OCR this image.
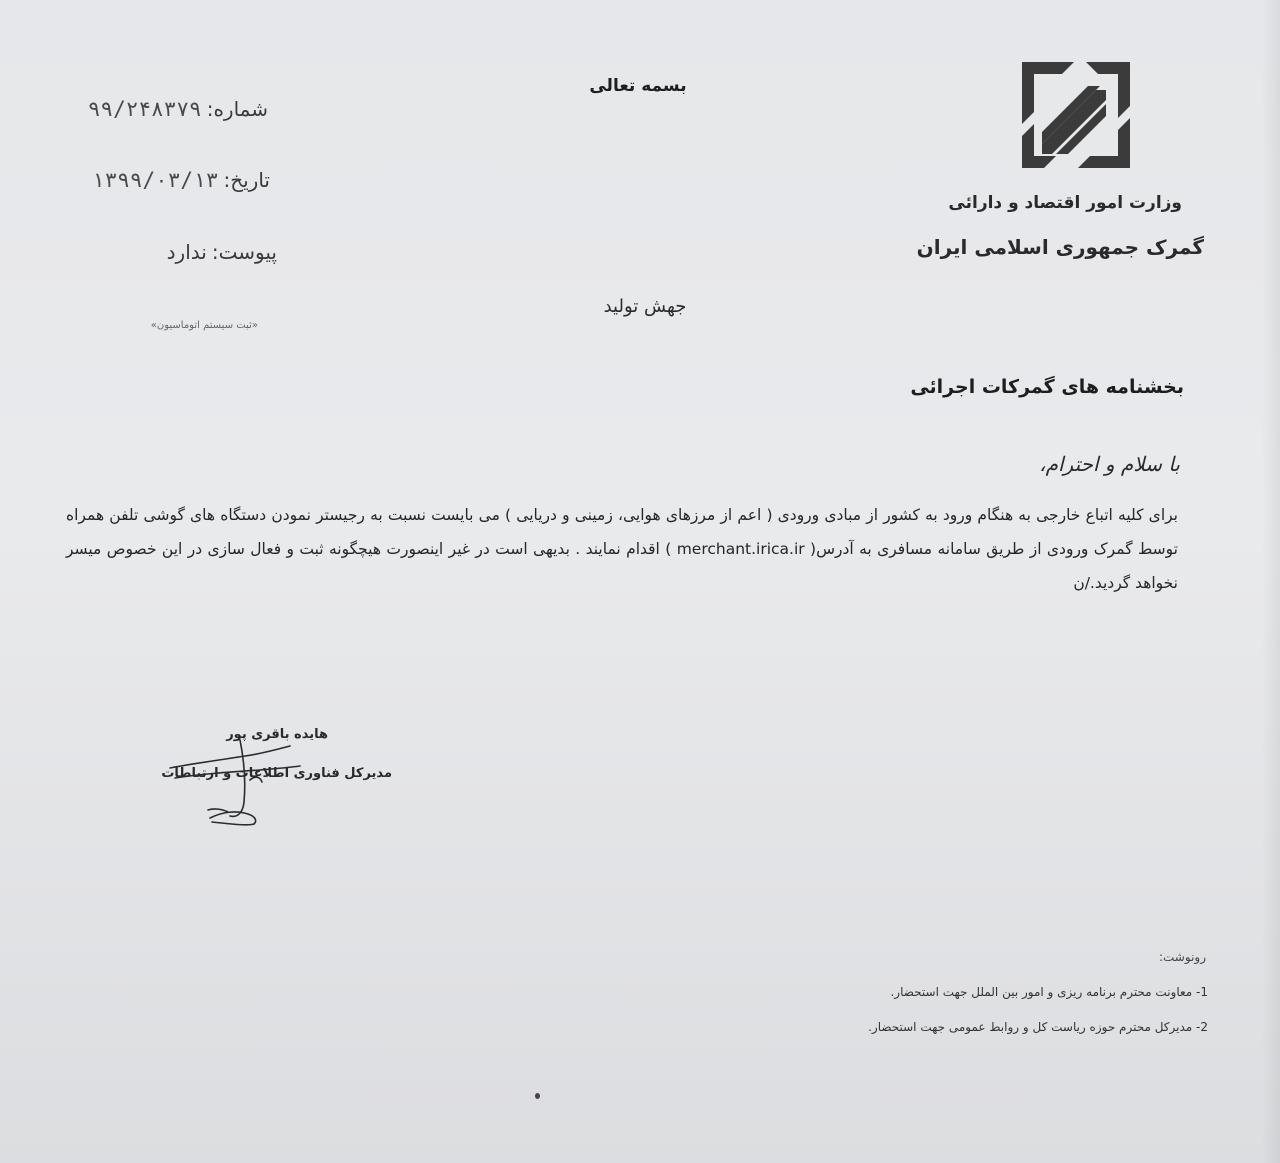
وزارت امور اقتصاد و دارائی
گمرک جمهوری اسلامی ایران
بسمه تعالی
شماره: ۹۹/۲۴۸۳۷۹
تاریخ: ۱۳۹۹/۰۳/۱۳
پیوست: ندارد
«ثبت سیستم اتوماسیون»
جهش تولید
بخشنامه های گمرکات اجرائی
با سلام و احترام،
برای کلیه اتباع خارجی به هنگام ورود به کشور از مبادی ورودی ( اعم از مرزهای هوایی، زمینی و دریایی ) می بایست نسبت به رجیستر نمودن دستگاه های گوشی تلفن همراه توسط گمرک ورودی از طریق سامانه مسافری به آدرس( merchant.irica.ir ) اقدام نمایند . بدیهی است در غیر اینصورت هیچگونه ثبت و فعال سازی در این خصوص میسر نخواهد گردید./ن
هایده باقری پور
مدیرکل فناوری اطلاعات و ارتباطات
رونوشت:
1- معاونت محترم برنامه ریزی و امور بین الملل جهت استحضار.
2- مدیرکل محترم حوزه ریاست کل و روابط عمومی جهت استحضار.
